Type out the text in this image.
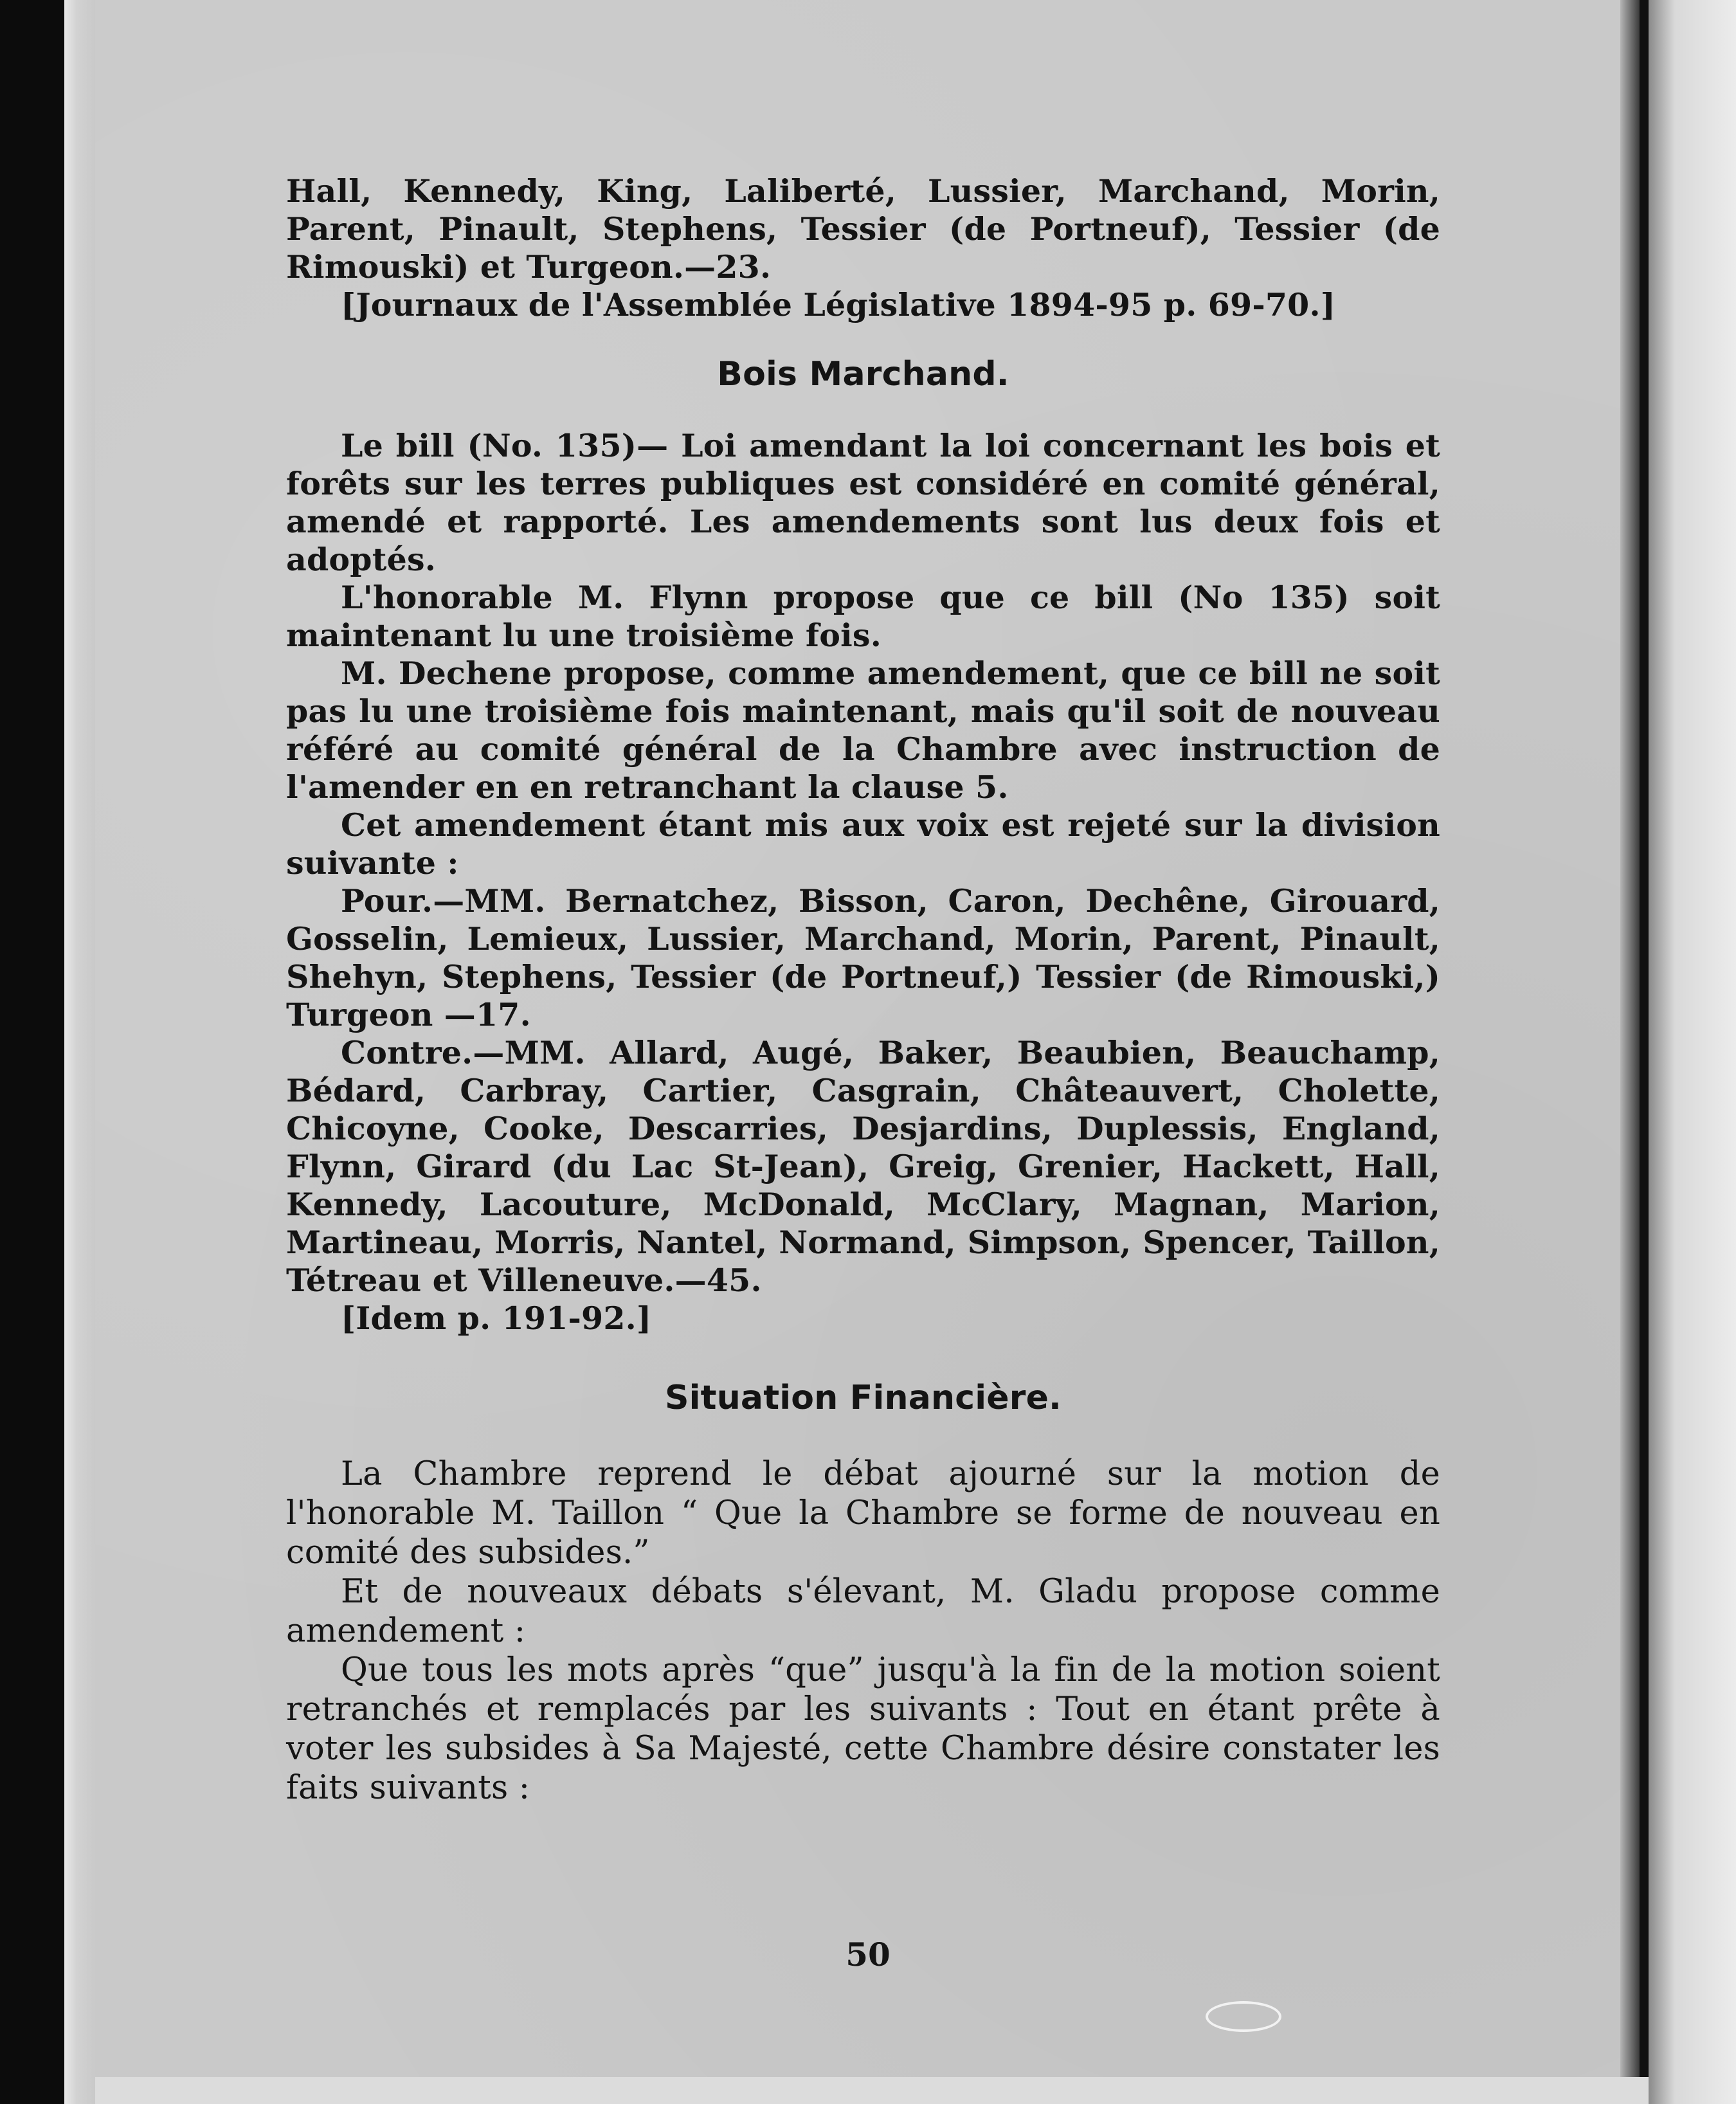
Hall, Kennedy, King, Laliberté, Lussier, Marchand, Morin, Parent, Pinault, Stephens, Tessier (de Portneuf), Tessier (de Rimouski) et Turgeon.—23.

[Journaux de l'Assemblée Législative 1894-95 p. 69-70.]

Bois Marchand.

Le bill (No. 135)— Loi amendant la loi concernant les bois et forêts sur les terres publiques est considéré en comité général, amendé et rapporté. Les amendements sont lus deux fois et adoptés.

L'honorable M. Flynn propose que ce bill (No 135) soit maintenant lu une troisième fois.

M. Dechene propose, comme amendement, que ce bill ne soit pas lu une troisième fois maintenant, mais qu'il soit de nouveau référé au comité général de la Chambre avec instruction de l'amender en en retranchant la clause 5.

Cet amendement étant mis aux voix est rejeté sur la division suivante :

Pour.—MM. Bernatchez, Bisson, Caron, Dechêne, Girouard, Gosselin, Lemieux, Lussier, Marchand, Morin, Parent, Pinault, Shehyn, Stephens, Tessier (de Portneuf,) Tessier (de Rimouski,) Turgeon —17.

Contre.—MM. Allard, Augé, Baker, Beaubien, Beauchamp, Bédard, Carbray, Cartier, Casgrain, Châteauvert, Cholette, Chicoyne, Cooke, Descarries, Desjardins, Duplessis, England, Flynn, Girard (du Lac St-Jean), Greig, Grenier, Hackett, Hall, Kennedy, Lacouture, McDonald, McClary, Magnan, Marion, Martineau, Morris, Nantel, Normand, Simpson, Spencer, Taillon, Tétreau et Villeneuve.—45.

[Idem p. 191-92.]

Situation Financière.

La Chambre reprend le débat ajourné sur la motion de l'honorable M. Taillon “ Que la Chambre se forme de nouveau en comité des subsides.”

Et de nouveaux débats s'élevant, M. Gladu propose comme amendement :

Que tous les mots après “que” jusqu'à la fin de la motion soient retranchés et remplacés par les suivants : Tout en étant prête à voter les subsides à Sa Majesté, cette Chambre désire constater les faits suivants :

50
